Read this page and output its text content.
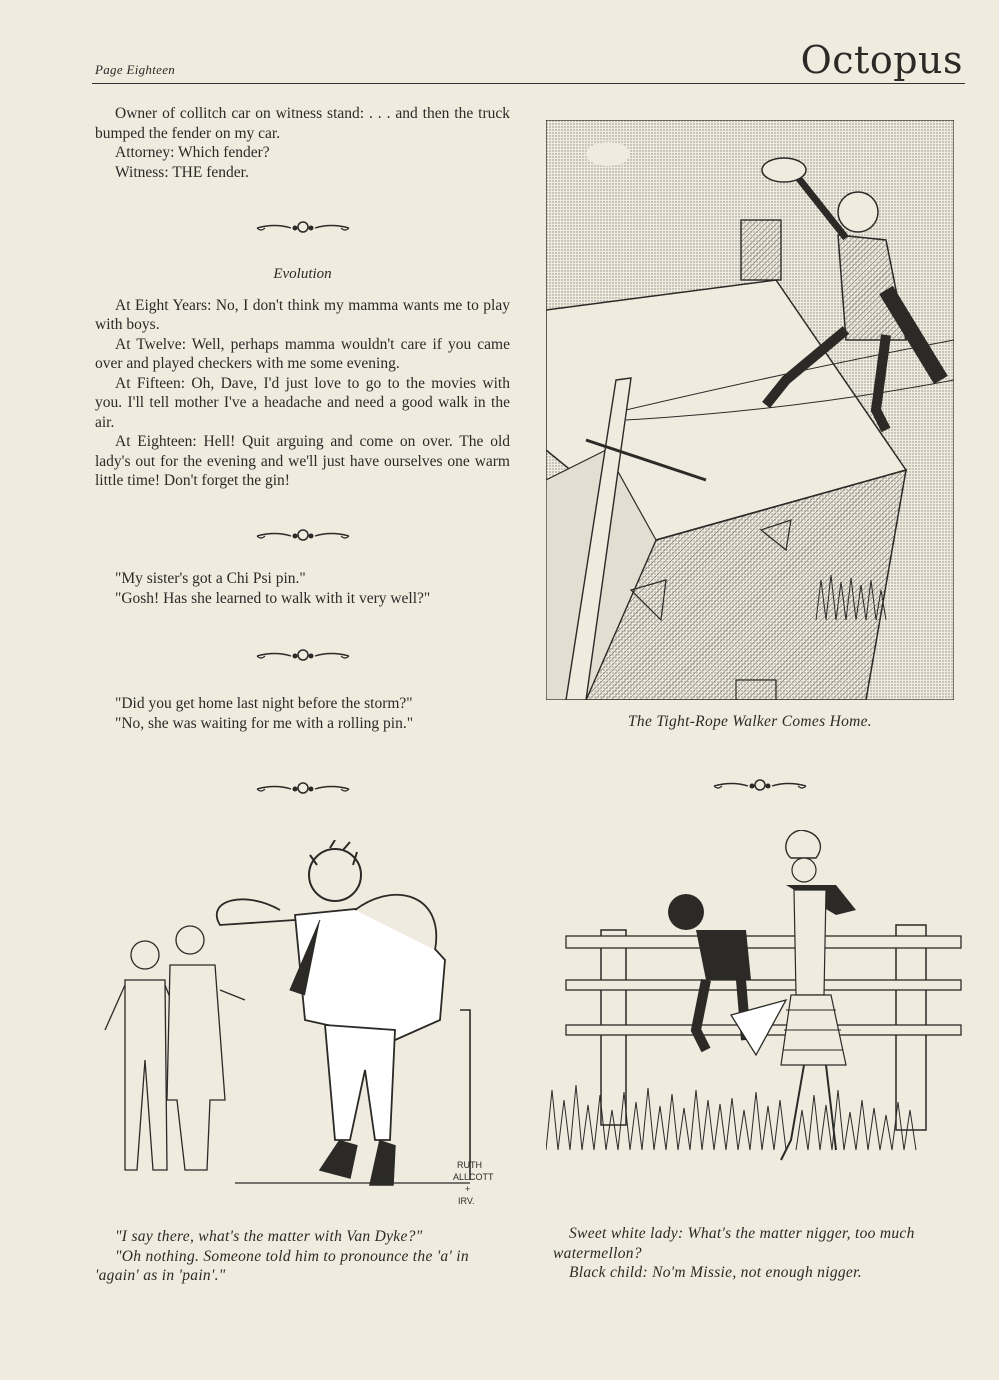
Page Eighteen	Octopus

Owner of collitch car on witness stand: . . . and then the truck bumped the fender on my car.

Attorney: Which fender?

Witness: THE fender.

Evolution

At Eight Years: No, I don't think my mamma wants me to play with boys.

At Twelve: Well, perhaps mamma wouldn't care if you came over and played checkers with me some evening.

At Fifteen: Oh, Dave, I'd just love to go to the movies with you. I'll tell mother I've a headache and need a good walk in the air.

At Eighteen: Hell! Quit arguing and come on over. The old lady's out for the evening and we'll just have ourselves one warm little time! Don't forget the gin!

"My sister's got a Chi Psi pin."

"Gosh! Has she learned to walk with it very well?"

"Did you get home last night before the storm?"

"No, she was waiting for me with a rolling pin."	The Tight-Rope Walker Comes Home.
RUTH
ALLCOTT
+
IRV.
"I say there, what's the matter with Van Dyke?"
"Oh nothing. Someone told him to pronounce the 'a' in 'again' as in 'pain'."
Sweet white lady: What's the matter nigger, too much watermellon?
Black child: No'm Missie, not enough nigger.
